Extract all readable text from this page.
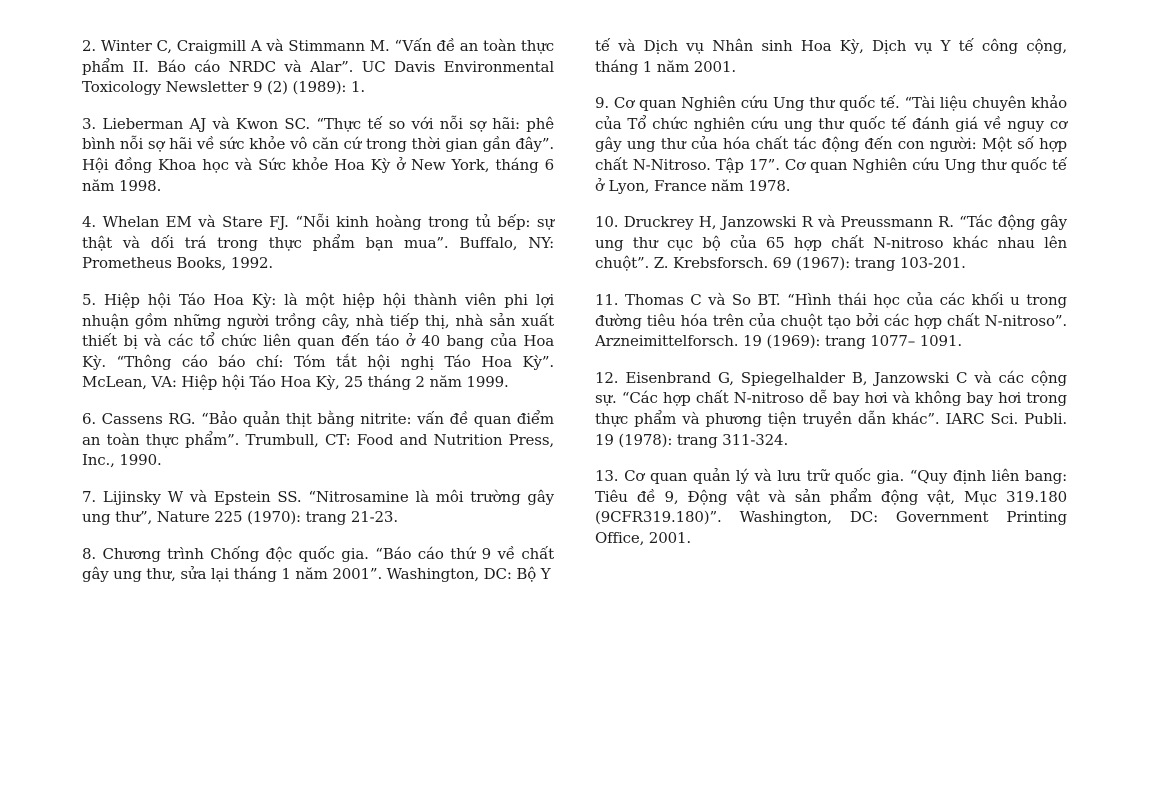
2. Winter C, Craigmill A và Stimmann M. “Vấn đề an toàn thực phẩm II. Báo cáo NRDC và Alar”. UC Davis Environmental Toxicology Newsletter 9 (2) (1989): 1.

3. Lieberman AJ và Kwon SC. “Thực tế so với nỗi sợ hãi: phê bình nỗi sợ hãi về sức khỏe vô căn cứ trong thời gian gần đây”. Hội đồng Khoa học và Sức khỏe Hoa Kỳ ở New York, tháng 6 năm 1998.

4. Whelan EM và Stare FJ. “Nỗi kinh hoàng trong tủ bếp: sự thật và dối trá trong thực phẩm bạn mua”. Buffalo, NY: Prometheus Books, 1992.

5. Hiệp hội Táo Hoa Kỳ: là một hiệp hội thành viên phi lợi nhuận gồm những người trồng cây, nhà tiếp thị, nhà sản xuất thiết bị và các tổ chức liên quan đến táo ở 40 bang của Hoa Kỳ. “Thông cáo báo chí: Tóm tắt hội nghị Táo Hoa Kỳ”. McLean, VA: Hiệp hội Táo Hoa Kỳ, 25 tháng 2 năm 1999.

6. Cassens RG. “Bảo quản thịt bằng nitrite: vấn đề quan điểm an toàn thực phẩm”. Trumbull, CT: Food and Nutrition Press, Inc., 1990.

7. Lijinsky W và Epstein SS. “Nitrosamine là môi trường gây ung thư”, Nature 225 (1970): trang 21-23.

8. Chương trình Chống độc quốc gia. “Báo cáo thứ 9 về chất gây ung thư, sửa lại tháng 1 năm 2001”. Washington, DC: Bộ Y

tế và Dịch vụ Nhân sinh Hoa Kỳ, Dịch vụ Y tế công cộng, tháng 1 năm 2001.

9. Cơ quan Nghiên cứu Ung thư quốc tế. “Tài liệu chuyên khảo của Tổ chức nghiên cứu ung thư quốc tế đánh giá về nguy cơ gây ung thư của hóa chất tác động đến con người: Một số hợp chất N-Nitroso. Tập 17”. Cơ quan Nghiên cứu Ung thư quốc tế ở Lyon, France năm 1978.

10. Druckrey H, Janzowski R và Preussmann R. “Tác động gây ung thư cục bộ của 65 hợp chất N-nitroso khác nhau lên chuột”. Z. Krebsforsch. 69 (1967): trang 103-201.

11. Thomas C và So BT. “Hình thái học của các khối u trong đường tiêu hóa trên của chuột tạo bởi các hợp chất N-nitroso”. Arzneimittelforsch. 19 (1969): trang 1077– 1091.

12. Eisenbrand G, Spiegelhalder B, Janzowski C và các cộng sự. “Các hợp chất N-nitroso dễ bay hơi và không bay hơi trong thực phẩm và phương tiện truyền dẫn khác”. IARC Sci. Publi. 19 (1978): trang 311-324.

13. Cơ quan quản lý và lưu trữ quốc gia. “Quy định liên bang: Tiêu đề 9, Động vật và sản phẩm động vật, Mục 319.180 (9CFR319.180)”. Washington, DC: Government Printing Office, 2001.
